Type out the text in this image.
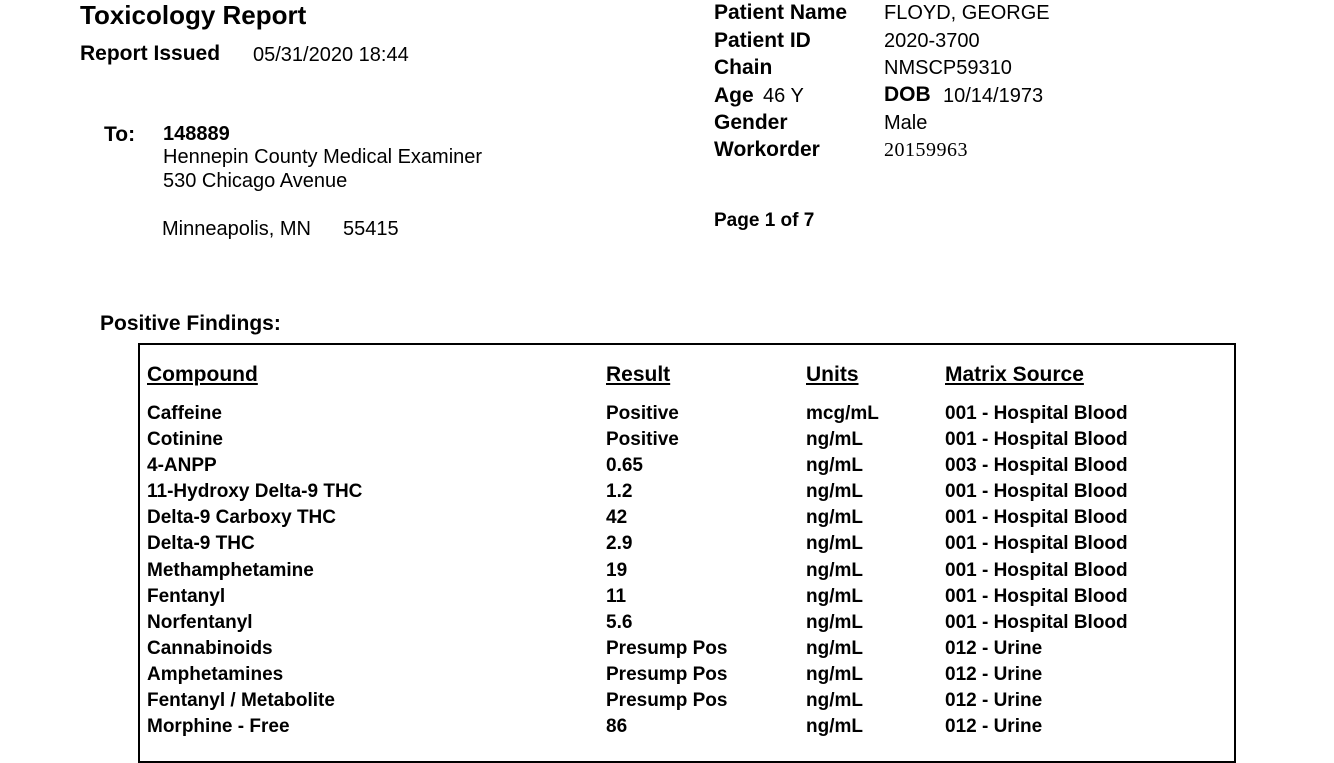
Toxicology Report
Report Issued 05/31/2020 18:44
To: 148889
Hennepin County Medical Examiner
530 Chicago Avenue
Minneapolis, MN 55415
Patient Name FLOYD, GEORGE
Patient ID	2020-3700
Chain	NMSCP59310
Age 46 Y	DOB 10/14/1973
Gender	Male
Workorder	20159963
Page 1 of 7
Positive Findings:
Compound	Result	Units	Matrix Source
Caffeine	Positive	mcg/mL	001 - Hospital Blood
Cotinine	Positive	ng/mL	001 - Hospital Blood
4-ANPP	0.65	ng/mL	003 - Hospital Blood
11-Hydroxy Delta-9 THC	1.2	ng/mL	001 - Hospital Blood
Delta-9 Carboxy THC	42	ng/mL	001 - Hospital Blood
Delta-9 THC	2.9	ng/mL	001 - Hospital Blood
Methamphetamine	19	ng/mL	001 - Hospital Blood
Fentanyl	11	ng/mL	001 - Hospital Blood
Norfentanyl	5.6	ng/mL	001 - Hospital Blood
Cannabinoids	Presump Pos	ng/mL	012 - Urine
Amphetamines	Presump Pos	ng/mL	012 - Urine
Fentanyl / Metabolite	Presump Pos	ng/mL	012 - Urine
Morphine - Free	86	ng/mL	012 - Urine
